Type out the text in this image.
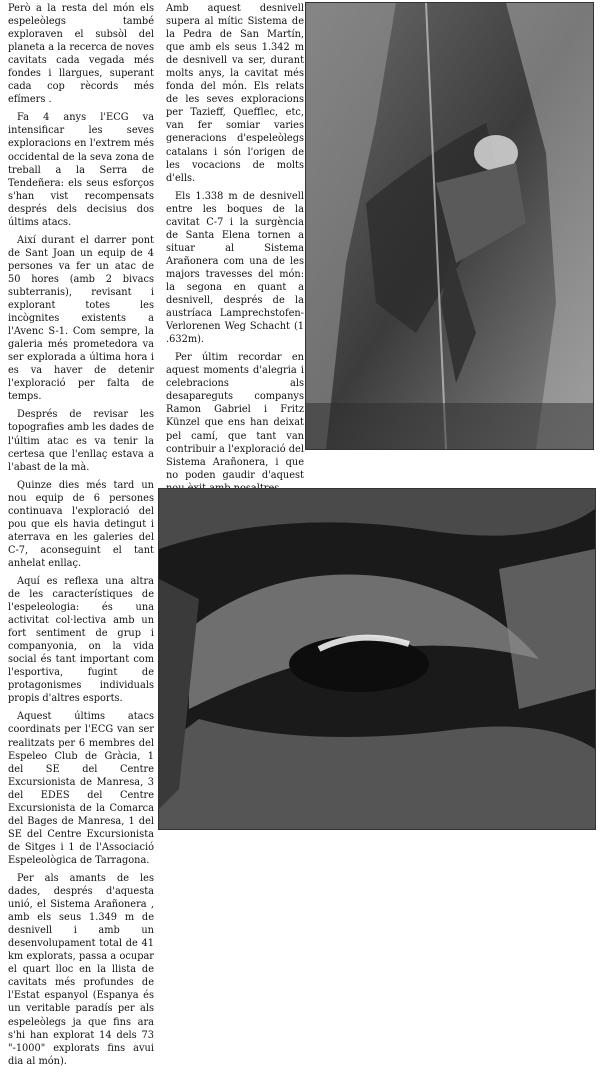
Però a la resta del món els espeleòlegs també exploraven el subsòl del planeta a la recerca de noves cavitats cada vegada més fondes i llargues, superant cada cop rècords més efímers .

Fa 4 anys l'ECG va intensificar les seves exploracions en l'extrem més occidental de la seva zona de treball a la Serra de Tendeñera: els seus esforços s'han vist recompensats després dels decisius dos últims atacs.

Així durant el darrer pont de Sant Joan un equip de 4 persones va fer un atac de 50 hores (amb 2 bivacs subterranis), revisant i explorant totes les incògnites existents a l'Avenc S-1. Com sempre, la galeria més prometedora va ser explorada a última hora i es va haver de detenir l'exploració per falta de temps.

Després de revisar les topografies amb les dades de l'últim atac es va tenir la certesa que l'enllaç estava a l'abast de la mà.

Quinze dies més tard un nou equip de 6 persones continuava l'exploració del pou que els havia detingut i aterrava en les galeries del C-7, aconseguint el tant anhelat enllaç.

Aquí es reflexa una altra de les característiques de l'espeleologia: és una activitat col·lectiva amb un fort sentiment de grup i companyonia, on la vida social és tant important com l'esportiva, fugint de protagonismes individuals propis d'altres esports.

Aquest últims atacs coordinats per l'ECG van ser realitzats per 6 membres del Espeleo Club de Gràcia, 1 del SE del Centre Excursionista de Manresa, 3 del EDES del Centre Excursionista de la Comarca del Bages de Manresa, 1 del SE del Centre Excursionista de Sitges i 1 de l'Associació Espeleològica de Tarragona.

Per als amants de les dades, després d'aquesta unió, el Sistema Arañonera , amb els seus 1.349 m de desnivell i amb un desenvolupament total de 41 km explorats, passa a ocupar el quart lloc en la llista de cavitats més profundes de l'Estat espanyol (Espanya és un veritable paradís per als espeleòlegs ja que fins ara s'hi han explorat 14 dels 73 "-1000" explorats fins avui dia al món).

Amb aquest desnivell supera al mític Sistema de la Pedra de San Martín, que amb els seus 1.342 m de desnivell va ser, durant molts anys, la cavitat més fonda del món. Els relats de les seves exploracions per Tazieff, Quefflec, etc, van fer somiar varies generacions d'espeleòlegs catalans i són l'origen de les vocacions de molts d'ells.

Els 1.338 m de desnivell entre les boques de la cavitat C-7 i la surgència de Santa Elena tornen a situar al Sistema Arañonera com una de les majors travesses del món: la segona en quant a desnivell, després de la austríaca Lamprechstofen-Verlorenen Weg Schacht (1 .632m).

Per últim recordar en aquest moments d'alegria i celebracions als desapareguts companys Ramon Gabriel i Fritz Künzel que ens han deixat pel camí, que tant van contribuir a l'exploració del Sistema Arañonera, i que no poden gaudir d'aquest
